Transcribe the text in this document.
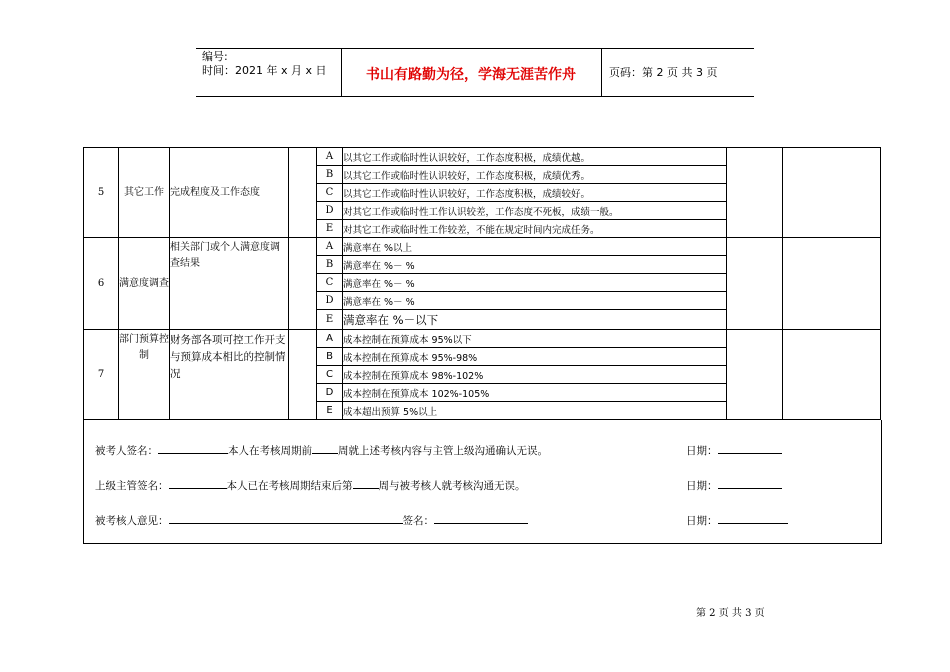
编号:
时间：2021 年 x 月 x 日	书山有路勤为径，学海无涯苦作舟	页码：第 2 页 共 3 页
5	其它工作	完成程度及工作态度		A	以其它工作或临时性认识较好，工作态度积极，成绩优越。		
				B	以其它工作或临时性认识较好，工作态度积极，成绩优秀。		
				C	以其它工作或临时性认识较好，工作态度积极，成绩较好。		
				D	对其它工作或临时性工作认识较差，工作态度不死板，成绩一般。		
				E	对其它工作或临时性工作较差，不能在规定时间内完成任务。		
6	满意度调查	相关部门或个人满意度调查结果		A	满意率在 %以上		
				B	满意率在 %－ %		
				C	满意率在 %－ %		
				D	满意率在 %－ %		
				E	满意率在 %－以下		
7	部门预算控制	财务部各项可控工作开支与预算成本相比的控制情况		A	成本控制在预算成本 95%以下		
				B	成本控制在预算成本 95%-98%		
				C	成本控制在预算成本 98%-102%		
				D	成本控制在预算成本 102%-105%		
				E	成本超出预算 5%以上		
被考人签名：	本人在考核周期前 周就上述考核内容与主管上级沟通确认无误。	日期：
上级主管签名：	本人已在考核周期结束后第 周与被考核人就考核沟通无误。	日期：
被考核人意见：	签名：	日期：
第 2 页 共 3 页
